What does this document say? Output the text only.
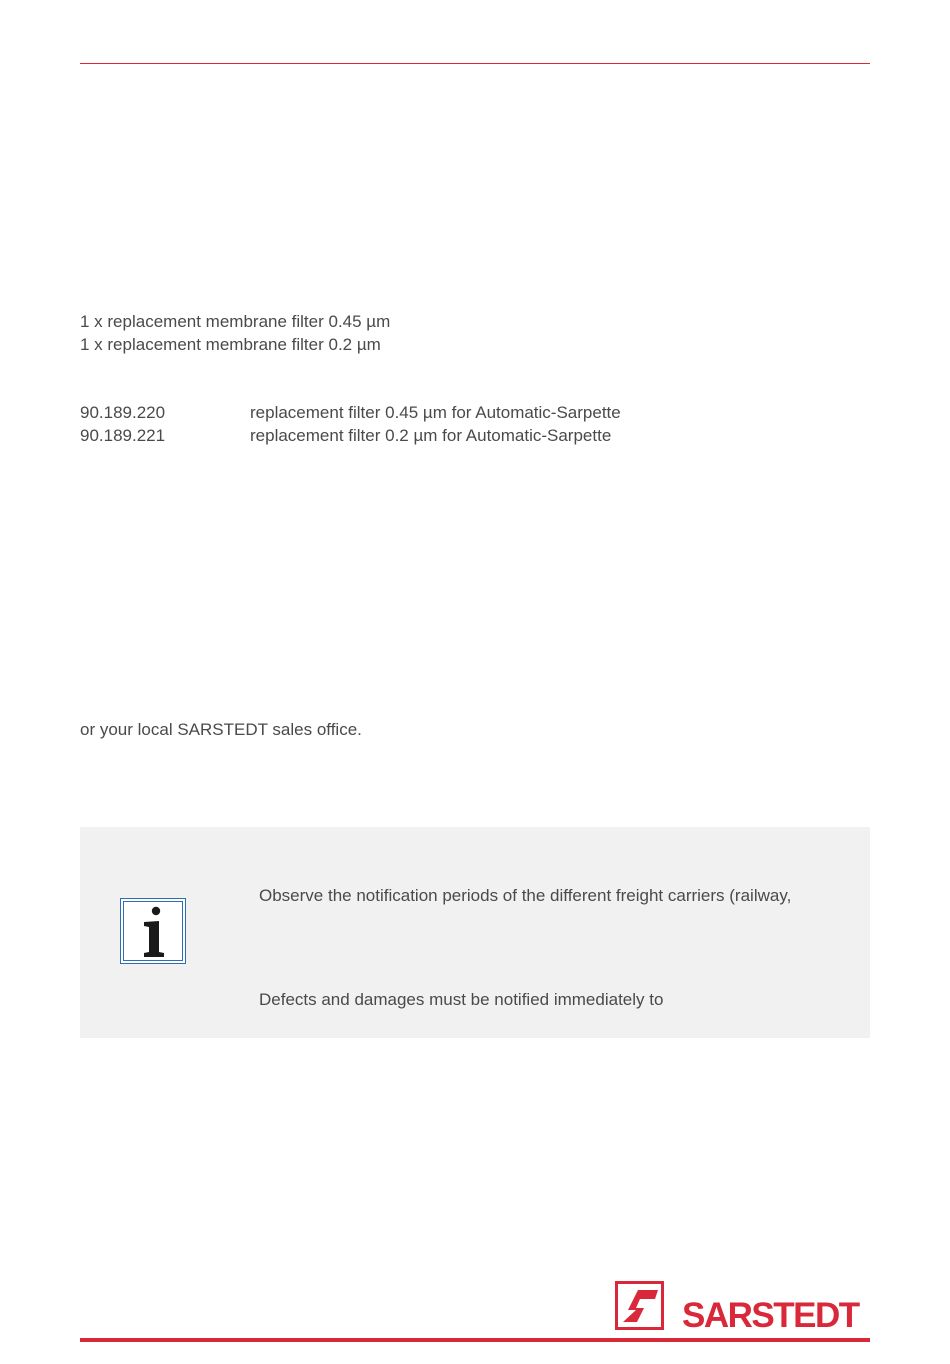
1 x replacement membrane filter 0.45 µm
1 x replacement membrane filter 0.2 µm
90.189.220	replacement filter 0.45 µm for Automatic-Sarpette
90.189.221	replacement filter 0.2 µm for Automatic-Sarpette
or your local SARSTEDT sales office.
Observe the notification periods of the different freight carriers (railway,
Defects and damages must be notified immediately to
SARSTEDT
